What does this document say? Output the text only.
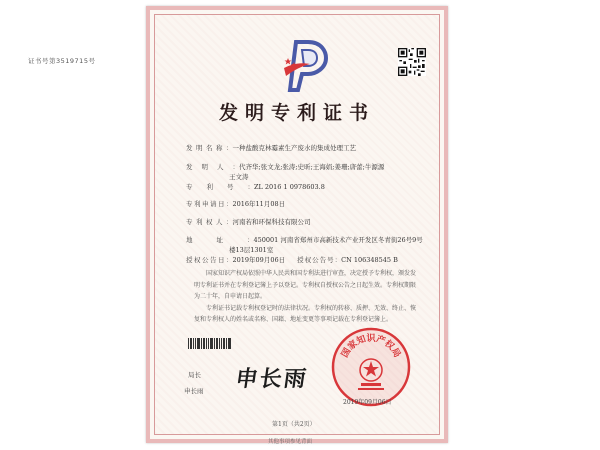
证书号第3519715号
发明专利证书
发明名称：一种盐酸克林霉素生产废水的集成处理工艺
发明人：代齐华;张文龙;张涛;史昕;王海娟;姜珊;唐蕾;牛源源
王文涛
专利号：ZL 2016 1 0978603.8
专利申请日：2016年11月08日
专利权人：河南若和环保科技有限公司
地址：450001 河南省郑州市高新技术产业开发区冬青街26号9号
楼13层1301室
授权公告日：2019年09月06日 授权公告号：CN 106348545 B

国家知识产权局依照中华人民共和国专利法进行审查，决定授予专利权，颁发发明专利证书并在专利登记簿上予以登记。专利权自授权公告之日起生效。专利权期限为二十年，自申请日起算。

专利证书记载专利权登记时的法律状况。专利权的转移、质押、无效、终止、恢复和专利权人的姓名或名称、国籍、地址变更等事项记载在专利登记簿上。

局长
申长雨 申长雨
国家知识产权局
2019年09月06日
第1页（共2页）
其他事项参见背面
